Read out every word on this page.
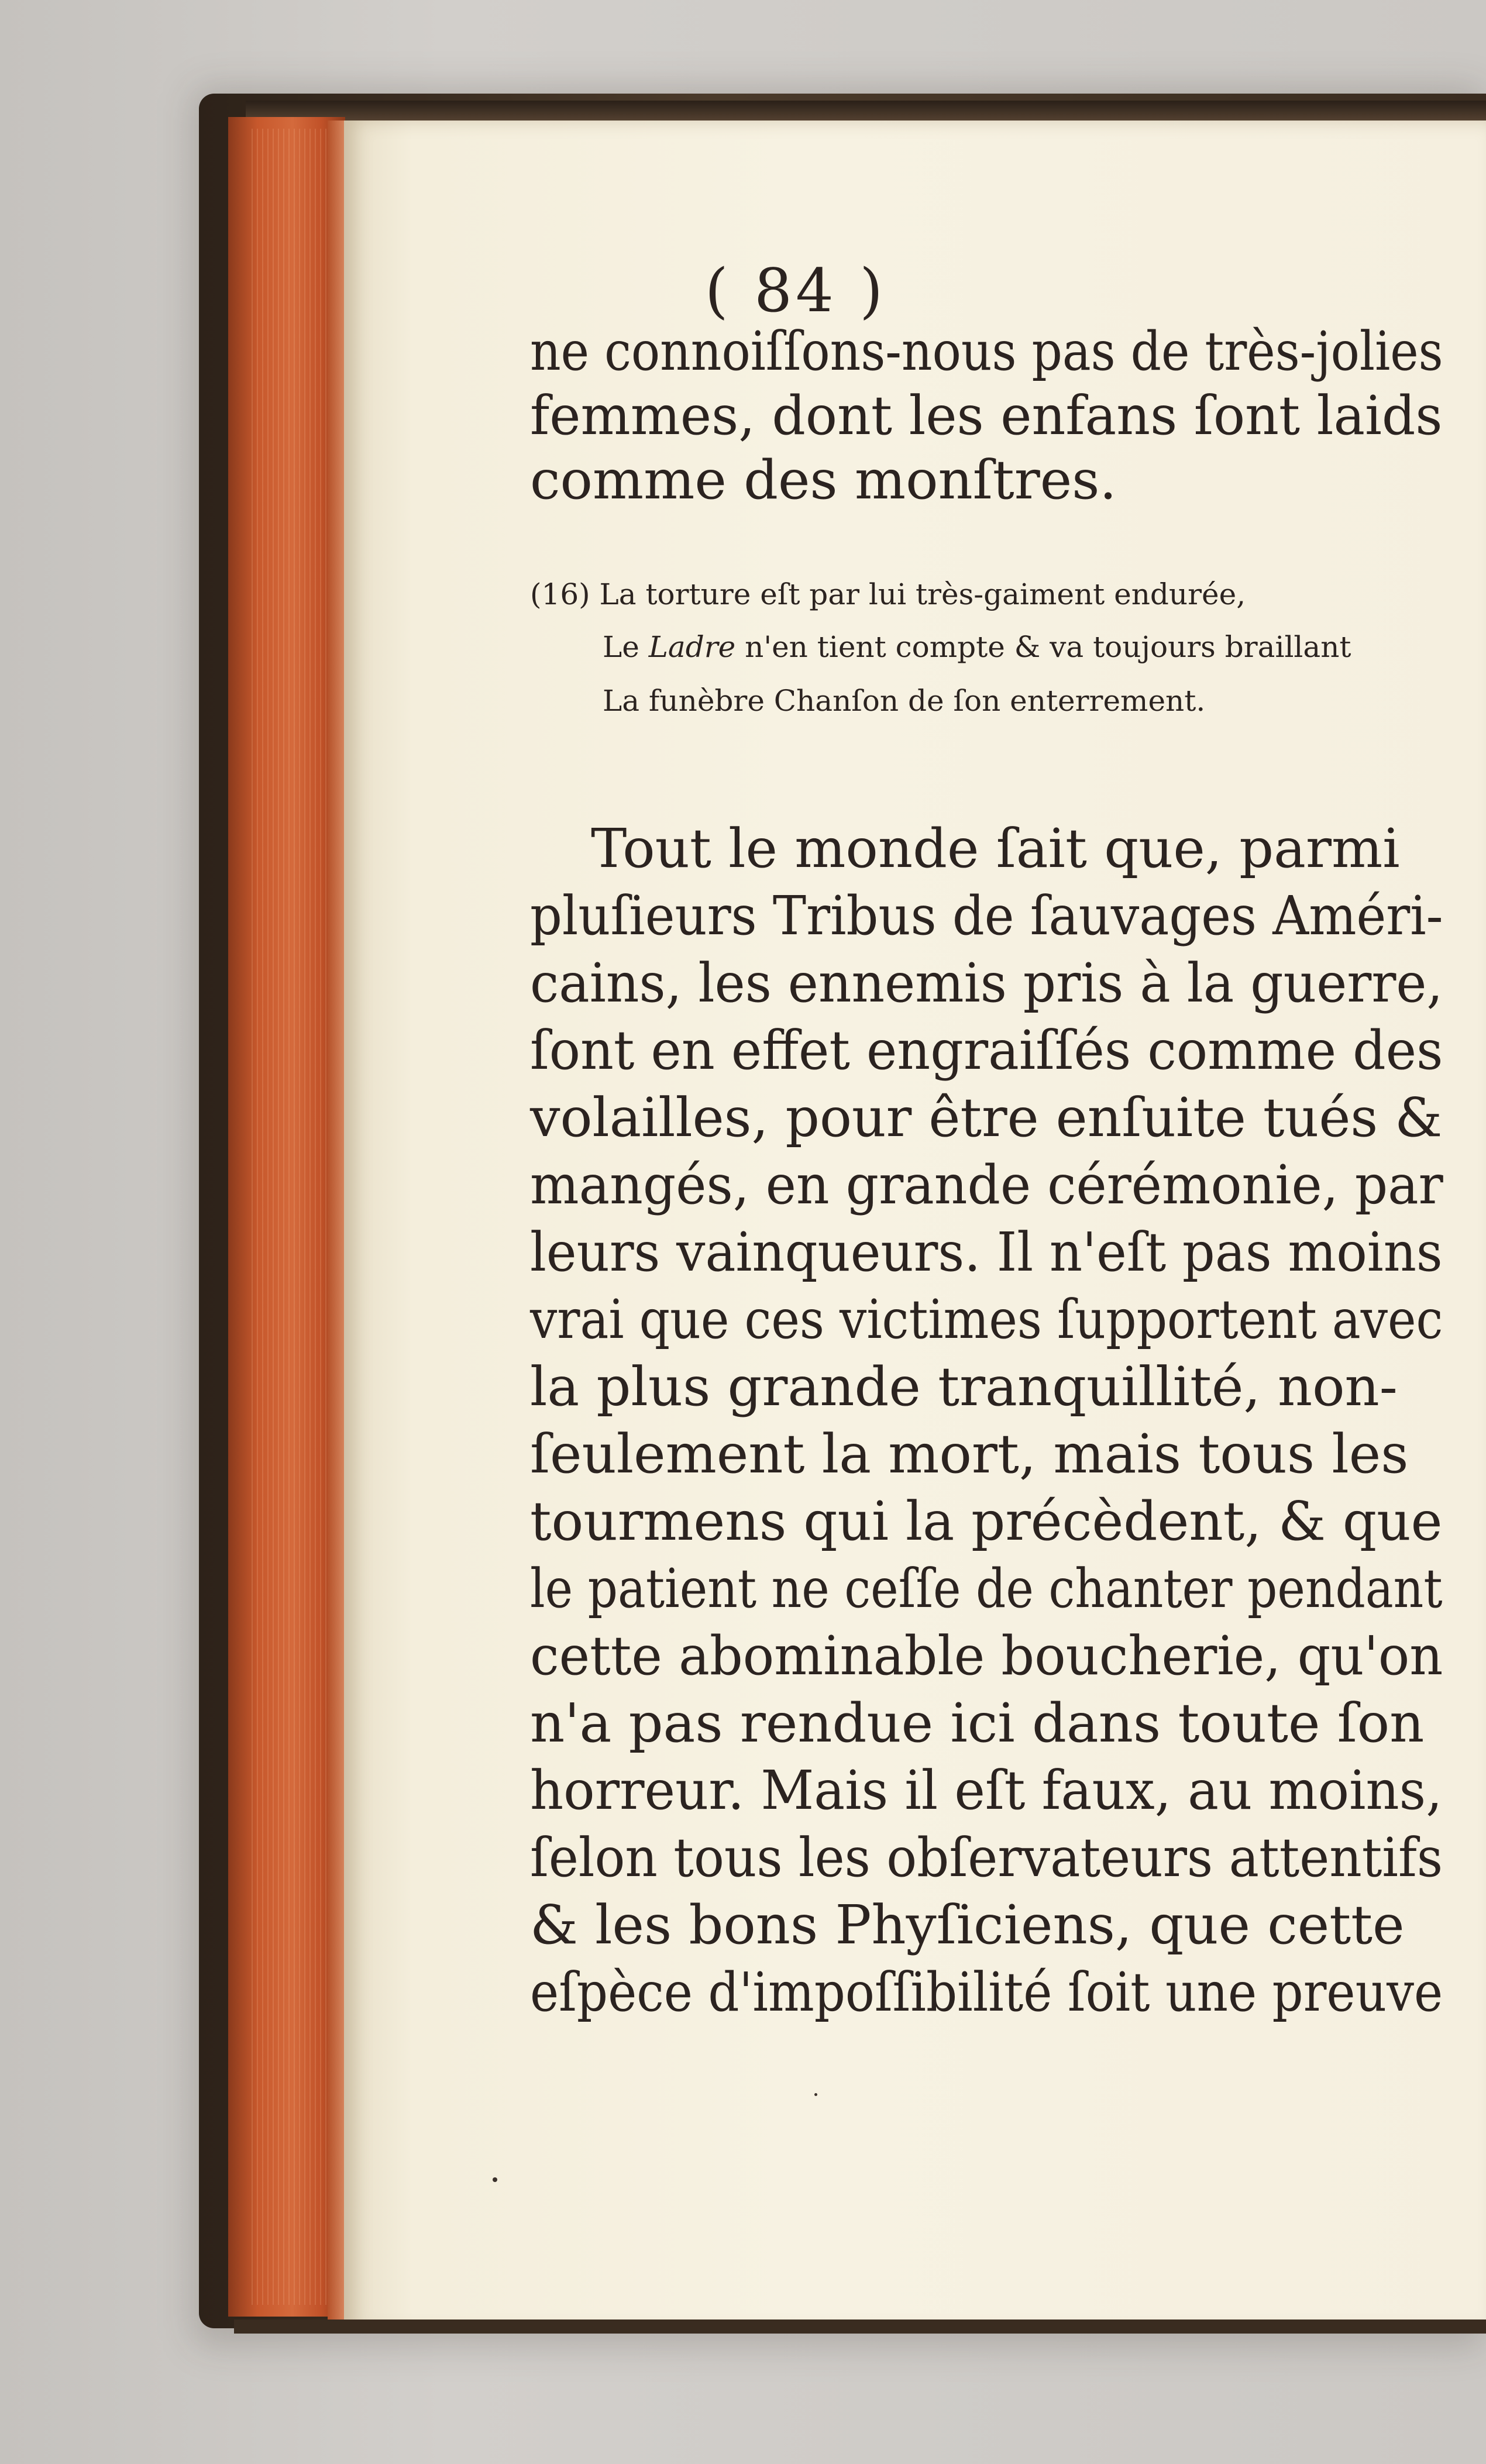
( 84 )
ne connoiſſons-nous pas de très-jolies
femmes, dont les enfans ſont laids
comme des monſtres.
(16) La torture eſt par lui très-gaiment endurée,
Le Ladre n'en tient compte & va toujours braillant
La funèbre Chanſon de ſon enterrement.
Tout le monde ſait que, parmi
pluſieurs Tribus de ſauvages Améri-
cains, les ennemis pris à la guerre,
ſont en effet engraiſſés comme des
volailles, pour être enſuite tués &
mangés, en grande cérémonie, par
leurs vainqueurs. Il n'eſt pas moins
vrai que ces victimes ſupportent avec
la plus grande tranquillité, non-
ſeulement la mort, mais tous les
tourmens qui la précèdent, & que
le patient ne ceſſe de chanter pendant
cette abominable boucherie, qu'on
n'a pas rendue ici dans toute ſon
horreur. Mais il eſt faux, au moins,
ſelon tous les obſervateurs attentifs
& les bons Phyſiciens, que cette
eſpèce d'impoſſibilité ſoit une preuve
